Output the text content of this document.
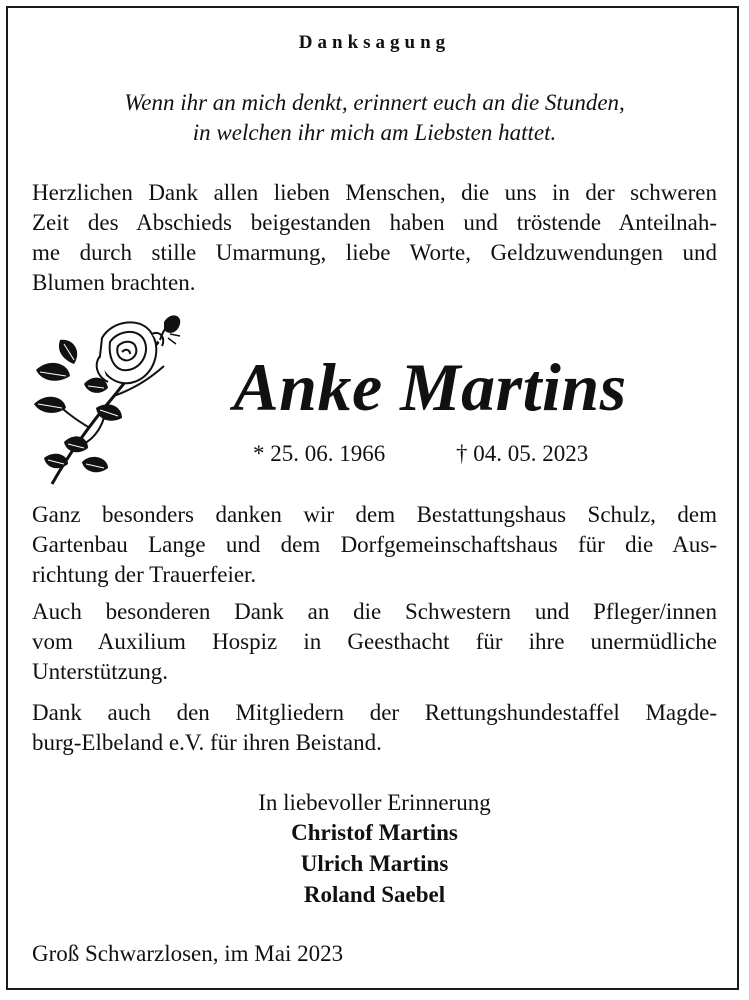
Danksagung
Wenn ihr an mich denkt, erinnert euch an die Stunden,
in welchen ihr mich am Liebsten hattet.
Herzlichen Dank allen lieben Menschen, die uns in der schweren
Zeit des Abschieds beigestanden haben und tröstende Anteilnah-
me durch stille Umarmung, liebe Worte, Geldzuwendungen und
Blumen brachten.
Anke Martins
* 25. 06. 1966	† 04. 05. 2023
Ganz besonders danken wir dem Bestattungshaus Schulz, dem
Gartenbau Lange und dem Dorfgemeinschaftshaus für die Aus-
richtung der Trauerfeier.
Auch besonderen Dank an die Schwestern und Pfleger/innen
vom Auxilium Hospiz in Geesthacht für ihre unermüdliche
Unterstützung.
Dank auch den Mitgliedern der Rettungshundestaffel Magde-
burg-Elbeland e.V. für ihren Beistand.
In liebevoller Erinnerung
Christof Martins
Ulrich Martins
Roland Saebel
Groß Schwarzlosen, im Mai 2023
